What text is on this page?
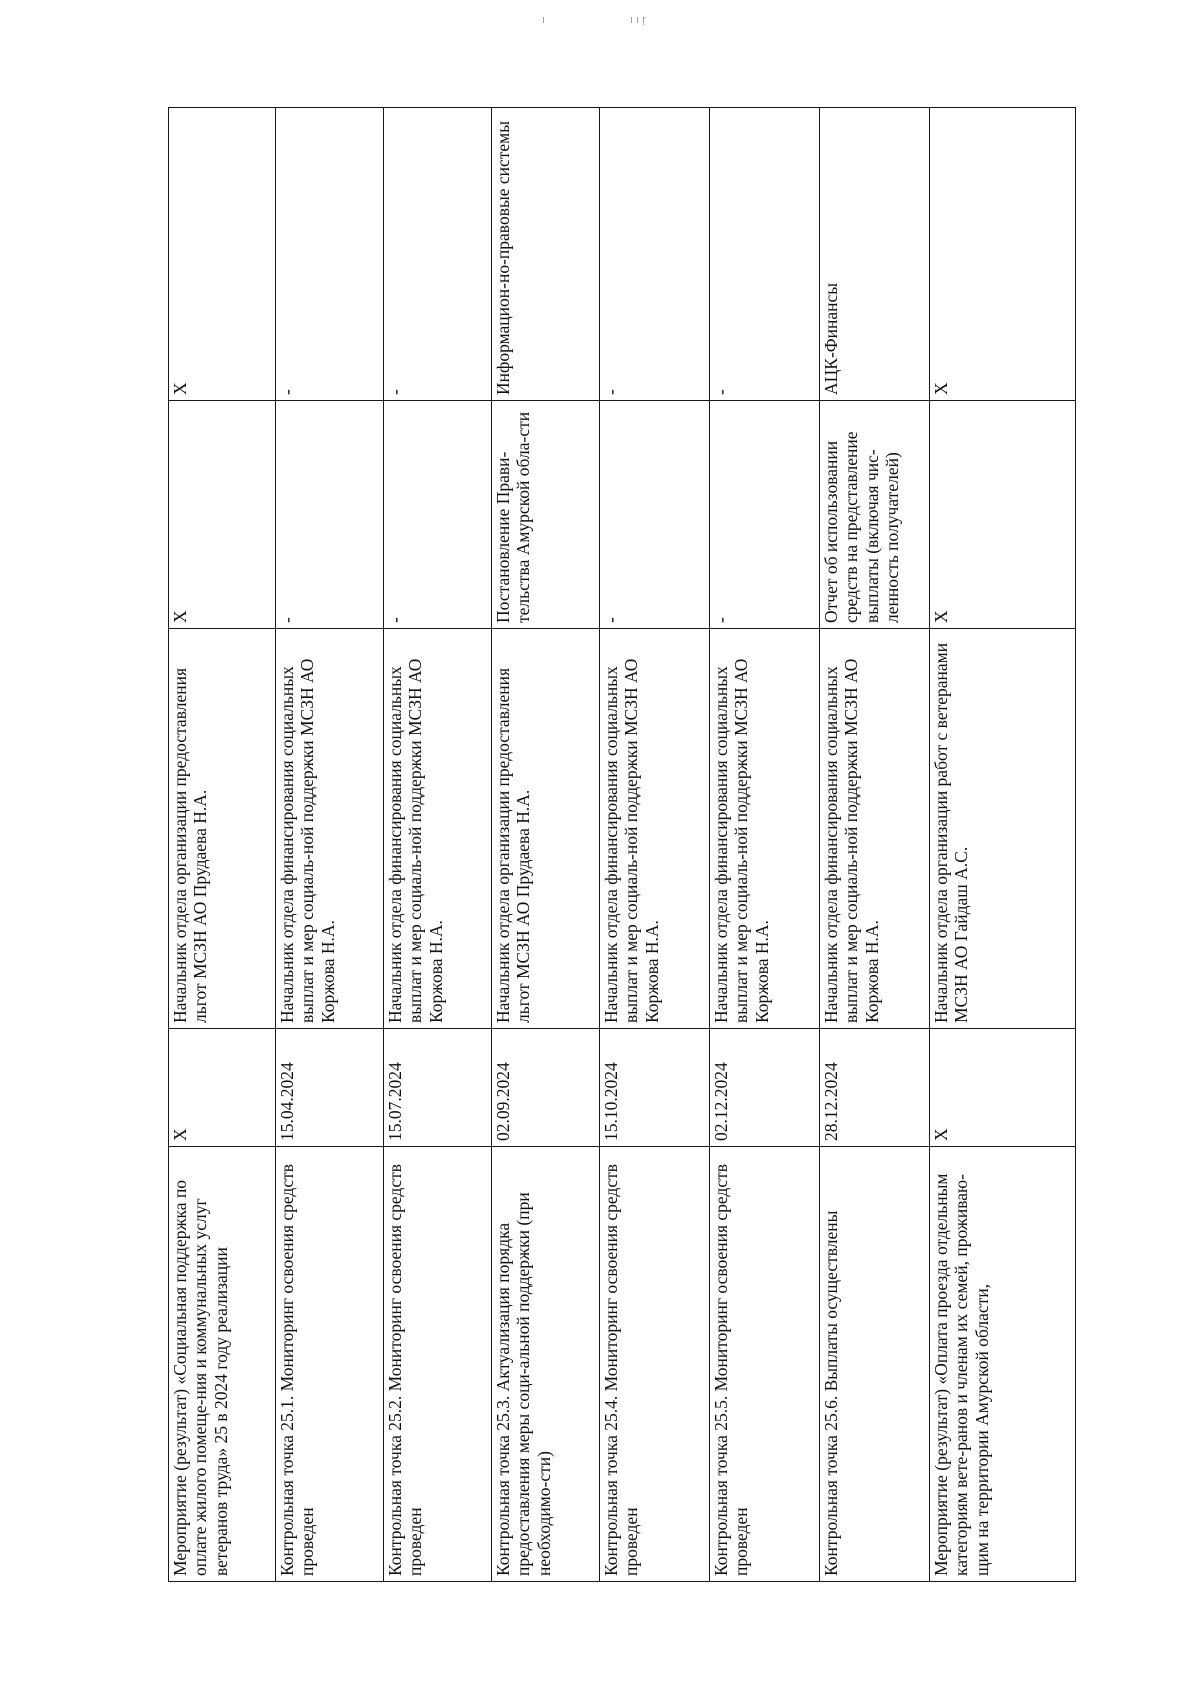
ı	ı ı ŗ
Мероприятие (результат) «Социальная поддержка по оплате жилого помеще-ния и коммунальных услуг ветеранов труда» 25 в 2024 году реализации	X	Начальник отдела организации предоставления льгот МСЗН АО Прудаева Н.А.	X	X
Контрольная точка 25.1. Мониторинг освоения средств проведен	15.04.2024	Начальник отдела финансирования социальных выплат и мер социаль-ной поддержки МСЗН АО Коржова Н.А.	-	-
Контрольная точка 25.2. Мониторинг освоения средств проведен	15.07.2024	Начальник отдела финансирования социальных выплат и мер социаль-ной поддержки МСЗН АО Коржова Н.А.	-	-
Контрольная точка 25.3. Актуализация порядка предоставления меры соци-альной поддержки (при необходимо-сти)	02.09.2024	Начальник отдела организации предоставления льгот МСЗН АО Прудаева Н.А.	Постановление Прави-тельства Амурской обла-сти	Информацион-но-правовые системы
Контрольная точка 25.4. Мониторинг освоения средств проведен	15.10.2024	Начальник отдела финансирования социальных выплат и мер социаль-ной поддержки МСЗН АО Коржова Н.А.	-	-
Контрольная точка 25.5. Мониторинг освоения средств проведен	02.12.2024	Начальник отдела финансирования социальных выплат и мер социаль-ной поддержки МСЗН АО Коржова Н.А.	-	-
Контрольная точка 25.6. Выплаты осуществлены	28.12.2024	Начальник отдела финансирования социальных выплат и мер социаль-ной поддержки МСЗН АО Коржова Н.А.	Отчет об использовании средств на представление выплаты (включая чис-ленность получателей)	АЦК-Финансы
Мероприятие (результат) «Оплата проезда отдельным категориям вете-ранов и членам их семей, проживаю-щим на территории Амурской области,	X	Начальник отдела организации работ с ветеранами МСЗН АО Гайдаш А.С.	X	X
